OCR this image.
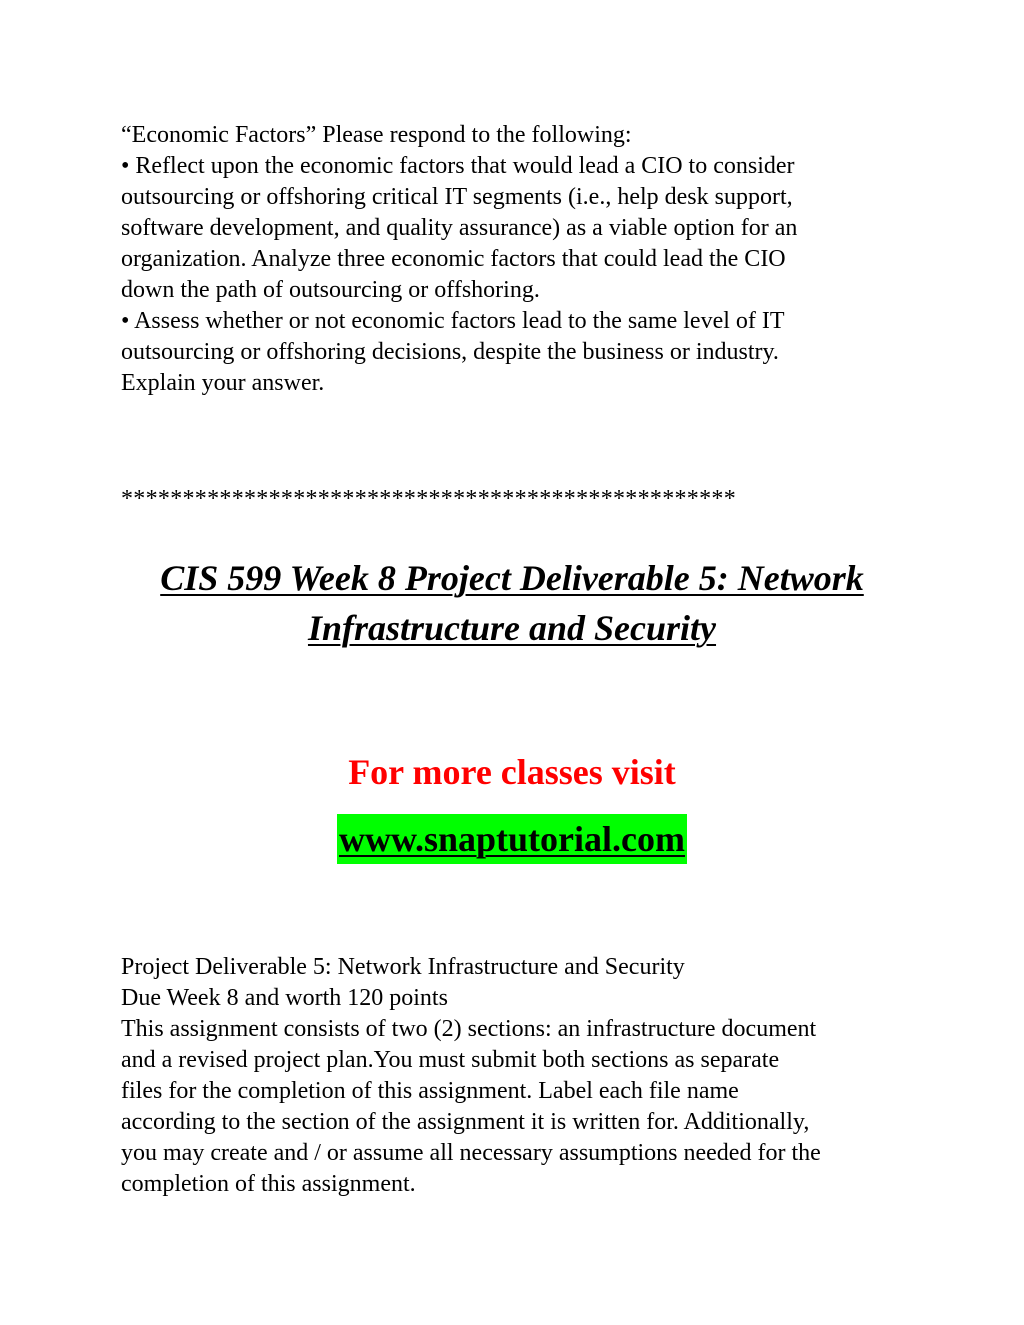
“Economic Factors” Please respond to the following:
• Reflect upon the economic factors that would lead a CIO to consider
outsourcing or offshoring critical IT segments (i.e., help desk support,
software development, and quality assurance) as a viable option for an
organization. Analyze three economic factors that could lead the CIO
down the path of outsourcing or offshoring.
• Assess whether or not economic factors lead to the same level of IT
outsourcing or offshoring decisions, despite the business or industry.
Explain your answer.
**************************************************
CIS 599 Week 8 Project Deliverable 5: Network
Infrastructure and Security
For more classes visit
www.snaptutorial.com
Project Deliverable 5: Network Infrastructure and Security
Due Week 8 and worth 120 points
This assignment consists of two (2) sections: an infrastructure document
and a revised project plan.You must submit both sections as separate
files for the completion of this assignment. Label each file name
according to the section of the assignment it is written for. Additionally,
you may create and / or assume all necessary assumptions needed for the
completion of this assignment.
